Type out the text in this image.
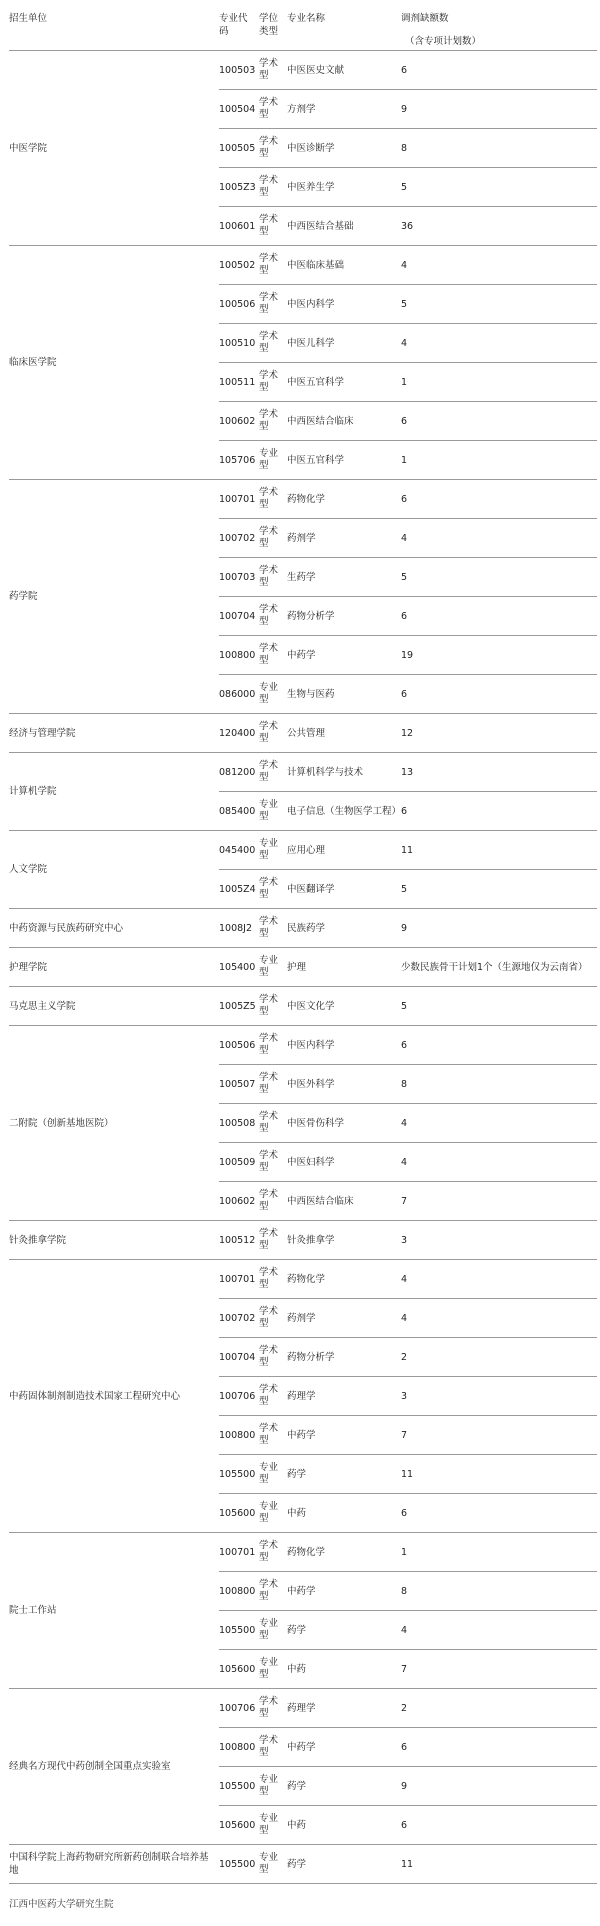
招生单位	专业代码	学位类型	专业名称	调剂缺额数
（含专项计划数）

中医学院	100503	学术型	中医医史文献	6
	100504	学术型	方剂学	9
	100505	学术型	中医诊断学	8
	1005Z3	学术型	中医养生学	5
	100601	学术型	中西医结合基础	36
临床医学院	100502	学术型	中医临床基础	4
	100506	学术型	中医内科学	5
	100510	学术型	中医儿科学	4
	100511	学术型	中医五官科学	1
	100602	学术型	中西医结合临床	6
	105706	专业型	中医五官科学	1
药学院	100701	学术型	药物化学	6
	100702	学术型	药剂学	4
	100703	学术型	生药学	5
	100704	学术型	药物分析学	6
	100800	学术型	中药学	19
	086000	专业型	生物与医药	6
经济与管理学院	120400	学术型	公共管理	12
计算机学院	081200	学术型	计算机科学与技术	13
	085400	专业型	电子信息（生物医学工程）	6
人文学院	045400	专业型	应用心理	11
	1005Z4	学术型	中医翻译学	5
中药资源与民族药研究中心	1008J2	学术型	民族药学	9
护理学院	105400	专业型	护理	少数民族骨干计划1个（生源地仅为云南省）
马克思主义学院	1005Z5	学术型	中医文化学	5
二附院（创新基地医院）	100506	学术型	中医内科学	6
	100507	学术型	中医外科学	8
	100508	学术型	中医骨伤科学	4
	100509	学术型	中医妇科学	4
	100602	学术型	中西医结合临床	7
针灸推拿学院	100512	学术型	针灸推拿学	3
中药固体制剂制造技术国家工程研究中心	100701	学术型	药物化学	4
	100702	学术型	药剂学	4
	100704	学术型	药物分析学	2
	100706	学术型	药理学	3
	100800	学术型	中药学	7
	105500	专业型	药学	11
	105600	专业型	中药	6
院士工作站	100701	学术型	药物化学	1
	100800	学术型	中药学	8
	105500	专业型	药学	4
	105600	专业型	中药	7
经典名方现代中药创制全国重点实验室	100706	学术型	药理学	2
	100800	学术型	中药学	6
	105500	专业型	药学	9
	105600	专业型	中药	6
中国科学院上海药物研究所新药创制联合培养基地	105500	专业型	药学	11
江西中医药大学研究生院
